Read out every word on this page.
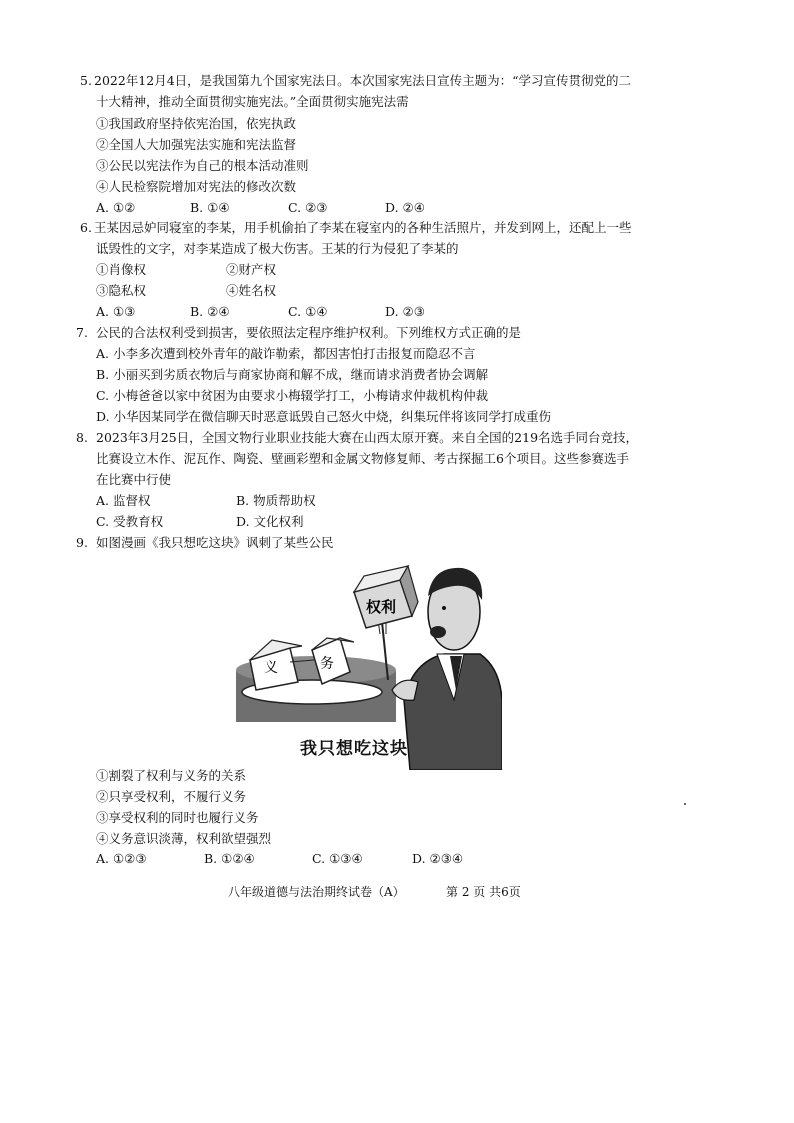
5. 2022年12月4日，是我国第九个国家宪法日。本次国家宪法日宣传主题为：“学习宣传贯彻党的二
十大精神，推动全面贯彻实施宪法。”全面贯彻实施宪法需
①我国政府坚持依宪治国，依宪执政
②全国人大加强宪法实施和宪法监督
③公民以宪法作为自己的根本活动准则
④人民检察院增加对宪法的修改次数
A. ①②	B. ①④	C. ②③	D. ②④
6. 王某因忌妒同寝室的李某，用手机偷拍了李某在寝室内的各种生活照片，并发到网上，还配上一些
诋毁性的文字，对李某造成了极大伤害。王某的行为侵犯了李某的
①肖像权	②财产权
③隐私权	④姓名权
A. ①③	B. ②④	C. ①④	D. ②③
7. 公民的合法权利受到损害，要依照法定程序维护权利。下列维权方式正确的是
A. 小李多次遭到校外青年的敲诈勒索，都因害怕打击报复而隐忍不言
B. 小丽买到劣质衣物后与商家协商和解不成，继而请求消费者协会调解
C. 小梅爸爸以家中贫困为由要求小梅辍学打工，小梅请求仲裁机构仲裁
D. 小华因某同学在微信聊天时恶意诋毁自己怒火中烧，纠集玩伴将该同学打成重伤
8. 2023年3月25日，全国文物行业职业技能大赛在山西太原开赛。来自全国的219名选手同台竞技，
比赛设立木作、泥瓦作、陶瓷、壁画彩塑和金属文物修复师、考古探掘工6个项目。这些参赛选手
在比赛中行使
A. 监督权	B. 物质帮助权
C. 受教育权	D. 文化权利
9. 如图漫画《我只想吃这块》讽刺了某些公民
义	务
权利
我只想吃这块
①割裂了权利与义务的关系
②只享受权利，不履行义务
③享受权利的同时也履行义务
④义务意识淡薄，权利欲望强烈
A. ①②③	B. ①②④	C. ①③④	D. ②③④
八年级道德与法治期终试卷（A）	第 2 页 共6页
